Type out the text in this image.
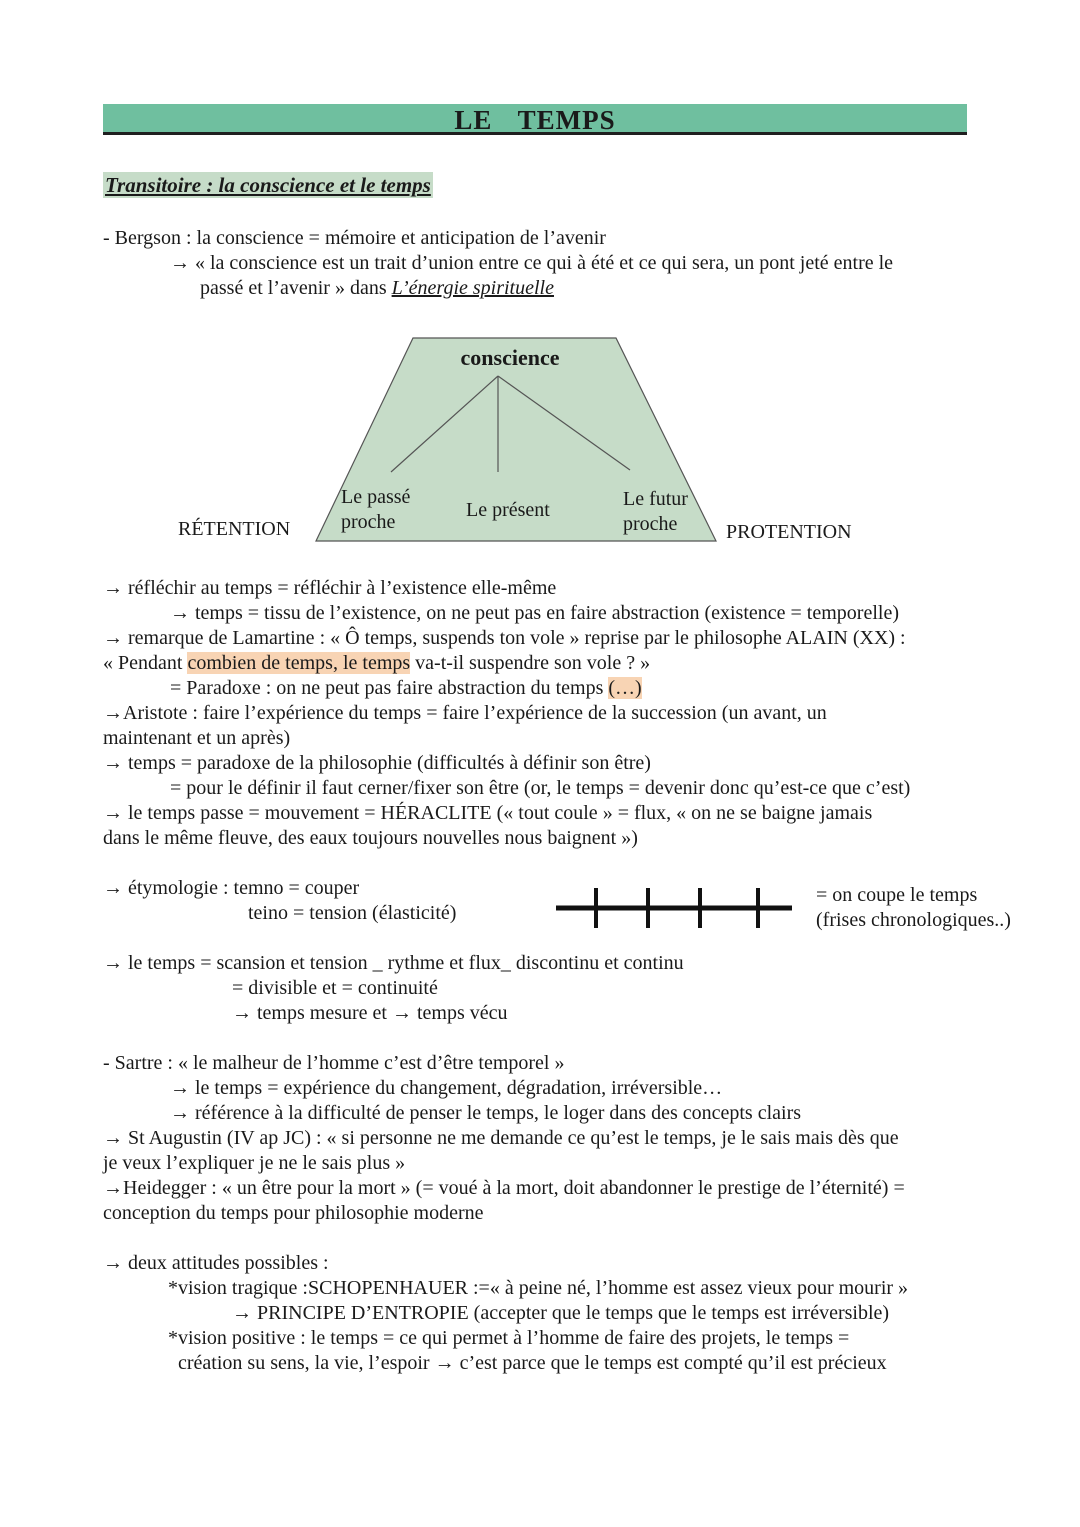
LE TEMPS
Transitoire : la conscience et le temps
- Bergson : la conscience = mémoire et anticipation de l’avenir
→ « la conscience est un trait d’union entre ce qui à été et ce qui sera, un pont jeté entre le
passé et l’avenir » dans L’énergie spirituelle
conscience
Le passé
proche
Le présent	Le futur
proche
RÉTENTION	PROTENTION
→ réfléchir au temps = réfléchir à l’existence elle-même
→ temps = tissu de l’existence, on ne peut pas en faire abstraction (existence = temporelle)
→ remarque de Lamartine : « Ô temps, suspends ton vole » reprise par le philosophe ALAIN (XX) :
« Pendant combien de temps, le temps va-t-il suspendre son vole ? »
= Paradoxe : on ne peut pas faire abstraction du temps (…)
→Aristote : faire l’expérience du temps = faire l’expérience de la succession (un avant, un
maintenant et un après)
→ temps = paradoxe de la philosophie (difficultés à définir son être)
= pour le définir il faut cerner/fixer son être (or, le temps = devenir donc qu’est-ce que c’est)
→ le temps passe = mouvement = HÉRACLITE (« tout coule » = flux, « on ne se baigne jamais
dans le même fleuve, des eaux toujours nouvelles nous baignent »)
→ étymologie : temno = couper
teino = tension (élasticité)
= on coupe le temps
(frises chronologiques..)
→ le temps = scansion et tension _ rythme et flux_ discontinu et continu
= divisible et = continuité
→ temps mesure et → temps vécu
- Sartre : « le malheur de l’homme c’est d’être temporel »
→ le temps = expérience du changement, dégradation, irréversible…
→ référence à la difficulté de penser le temps, le loger dans des concepts clairs
→ St Augustin (IV ap JC) : « si personne ne me demande ce qu’est le temps, je le sais mais dès que
je veux l’expliquer je ne le sais plus »
→Heidegger : « un être pour la mort » (= voué à la mort, doit abandonner le prestige de l’éternité) =
conception du temps pour philosophie moderne
→ deux attitudes possibles :
*vision tragique :SCHOPENHAUER :=« à peine né, l’homme est assez vieux pour mourir »
→ PRINCIPE D’ENTROPIE (accepter que le temps que le temps est irréversible)
*vision positive : le temps = ce qui permet à l’homme de faire des projets, le temps =
création su sens, la vie, l’espoir → c’est parce que le temps est compté qu’il est précieux
